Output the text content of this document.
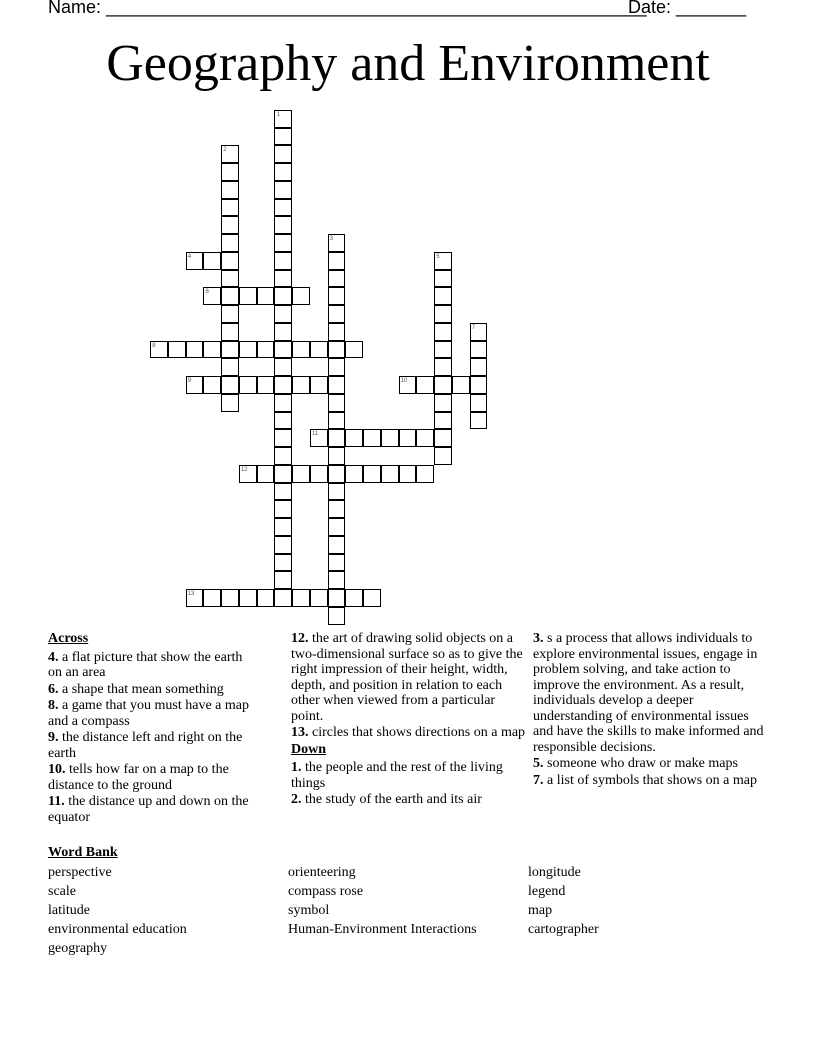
Name: ______________________________________________________
Date: _______
Geography and Environment
1
2
3
4	5
6
7
8
9	10
11
12
13
Across

4. a flat picture that show the earth on an area

6. a shape that mean something

8. a game that you must have a map and a compass

9. the distance left and right on the earth

10. tells how far on a map to the distance to the ground

11. the distance up and down on the equator

12. the art of drawing solid objects on a two-dimensional surface so as to give the right impression of their height, width, depth, and position in relation to each other when viewed from a particular point.

13. circles that shows directions on a map

Down

1. the people and the rest of the living things

2. the study of the earth and its air

3. s a process that allows individuals to explore environmental issues, engage in problem solving, and take action to improve the environment. As a result, individuals develop a deeper understanding of environmental issues and have the skills to make informed and responsible decisions.

5. someone who draw or make maps

7. a list of symbols that shows on a map

Word Bank
perspective
scale
latitude
environmental education
geography
orienteering
compass rose
symbol
Human-Environment Interactions
longitude
legend
map
cartographer
